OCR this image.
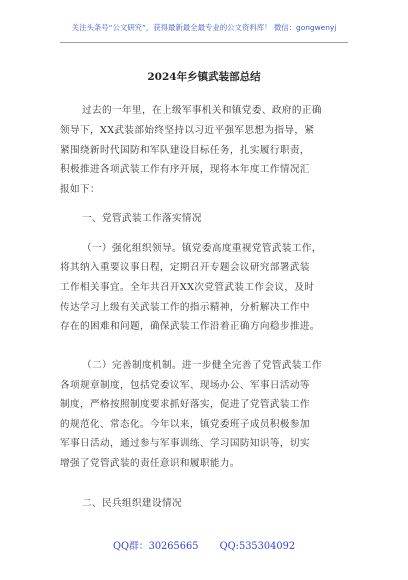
关注头条号“公文研究”，获得最新最全最专业的公文资料库！ 微信：gongwenyj
2024年乡镇武装部总结
过去的一年里，在上级军事机关和镇党委、政府的正确
领导下，XX武装部始终坚持以习近平强军思想为指导，紧
紧围绕新时代国防和军队建设目标任务，扎实履行职责，
积极推进各项武装工作有序开展，现将本年度工作情况汇
报如下：
一、党管武装工作落实情况
（一）强化组织领导。镇党委高度重视党管武装工作，
将其纳入重要议事日程，定期召开专题会议研究部署武装
工作相关事宜。全年共召开XX次党管武装工作会议，及时
传达学习上级有关武装工作的指示精神，分析解决工作中
存在的困难和问题，确保武装工作沿着正确方向稳步推进。
（二）完善制度机制。进一步健全完善了党管武装工作
各项规章制度，包括党委议军、现场办公、军事日活动等
制度，严格按照制度要求抓好落实，促进了党管武装工作
的规范化、常态化。今年以来，镇党委班子成员积极参加
军事日活动，通过参与军事训练、学习国防知识等，切实
增强了党管武装的责任意识和履职能力。
二、民兵组织建设情况
QQ群：30265665 QQ:535304092
